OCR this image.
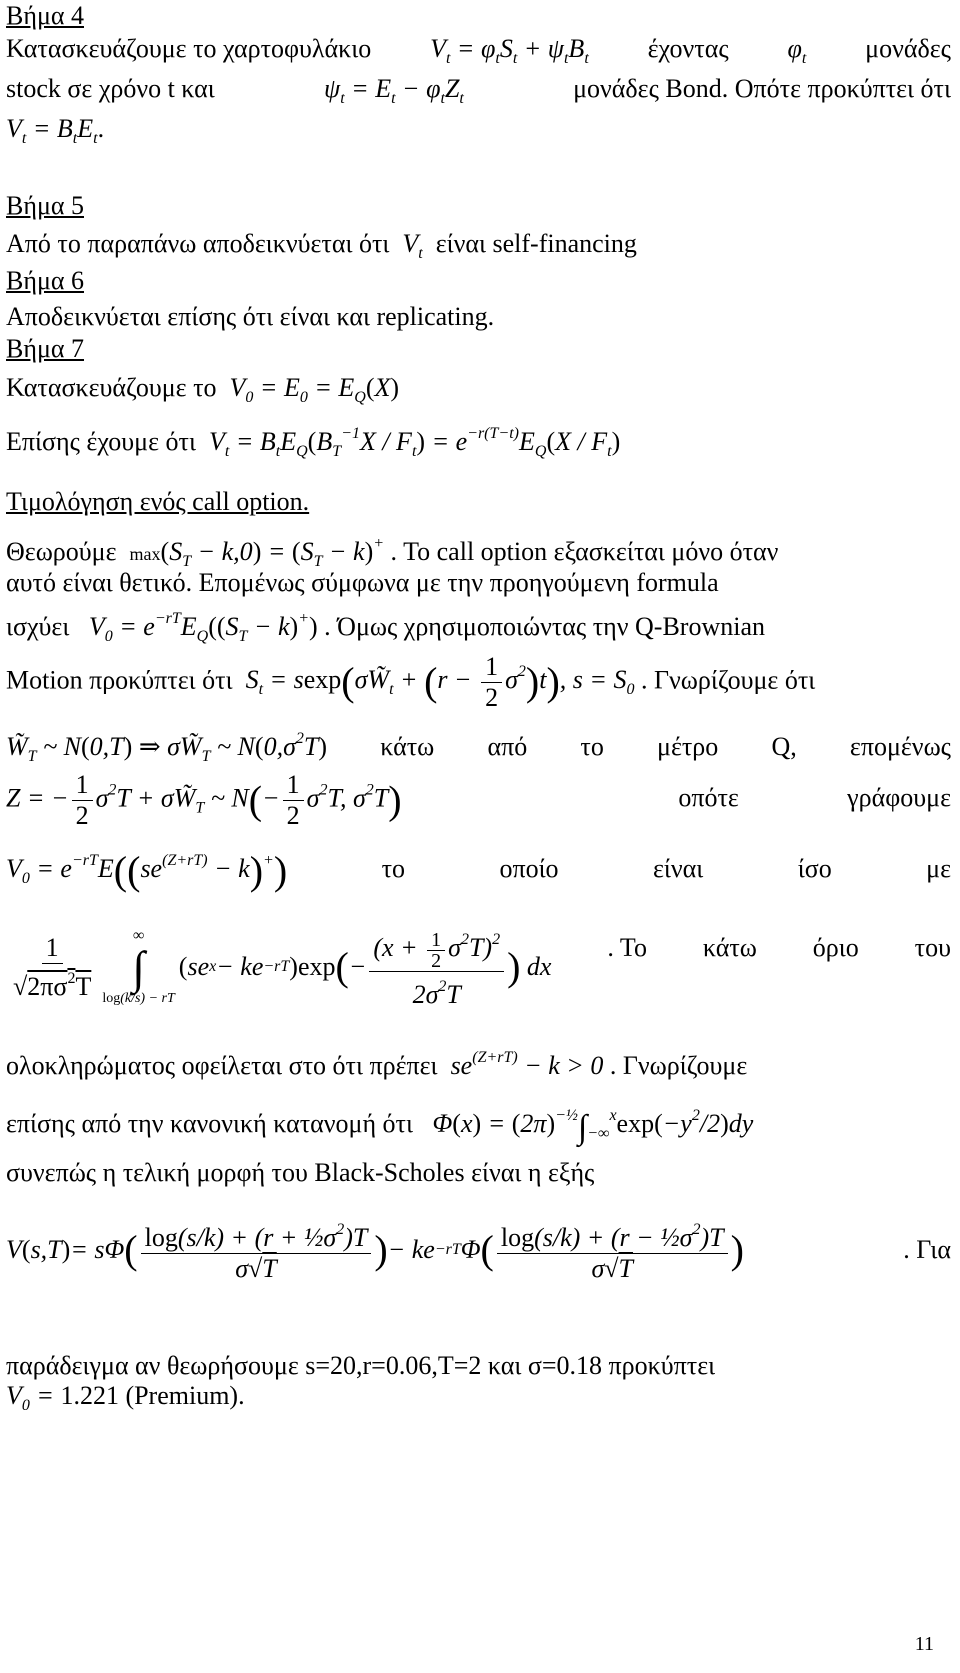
Βήμα 4
Κατασκευάζουμε το χαρτοφυλάκιο $V_t = \varphi_tS_t + \psi_tB_t$ έχοντας $\varphi_t$ μονάδες
stock σε χρόνο t και	$\psi_t = E_t - \varphi_tZ_t$	μονάδες Bond. Οπότε προκύπτει ότι
$V_t = B_tE_t$.
Βήμα 5
Από το παραπάνω αποδεικνύεται ότι  $V_t$ είναι self-financing
Βήμα 6
Αποδεικνύεται επίσης ότι είναι και replicating.
Βήμα 7
Κατασκευάζουμε το  $V_0 = E_0 = E_Q(X)$
Επίσης έχουμε ότι  $V_t = B_tE_Q(B_T^{-1}X / F_t) = e^{-r(T-t)}E_Q(X / F_t)$
Τιμολόγηση ενός call option.
Θεωρούμε $\max(S_T - k,0) = (S_T - k)^+$ . To call option εξασκείται μόνο όταν
αυτό είναι θετικό. Επομένως σύμφωνα με την προηγούμενη formula
ισχύει   $V_0 = e^{-rT}E_Q((S_T - k)^+)$ . Όμως χρησιμοποιώντας την Q-Brownian
Motion προκύπτει ότι  $S_t$ = $sexp(\sigma W̃_t + (r - \frac{1}{2} \sigma^2)t)$, $s = S_0$ . Γνωρίζουμε ότι
$W̃_T$ ~ N(0,T) ⇒ $\sigma W̃_T$ ~ $N(0,\sigma^2T)$ κάτω από το μέτρο Q, επομένως
Z = − $\frac{1}{2} \sigma^2T$ + $\sigma W̃_T$ ~ $N(- \frac{1}{2} \sigma^2T$, $\sigma^2T$)	οπότε	γράφουμε
$V_0 = e^{-rT}E((se^{(Z+rT)} - k)^+)$	το	οποίο	είναι	ίσο	με
$\frac{1}{√2\pi\sigma^2T}$ ∞
∫
log(k/s) − rT
( se x − ke −rT ) exp ( − $\frac{(x + \frac{1}{2} \sigma^2T)^2}{2\sigma^2T}$ ) dx
. Το κάτω όριο του
ολοκληρώματος οφείλεται στο ότι πρέπει  $se^{(Z+rT)} - k > 0$ . Γνωρίζουμε
επίσης από την κανονική κατανομή ότι   $\Phi(x) = (2\pi)^{-\frac{1}{2}}\int_{-\infty}^x\exp(-y^2/2)dy$
συνεπώς η τελική μορφή του Black-Scholes είναι η εξής
V ( s,T ) = sΦ ( $\frac{\log(s/k) + (r + \frac{1}{2}\sigma^2)T}{\sigma√T}$ ) − ke −rT Φ ( $\frac{\log(s/k) + (r - \frac{1}{2}\sigma^2)T}{\sigma√T}$ )	. Για
παράδειγμα αν θεωρήσουμε s=20,r=0.06,T=2 και σ=0.18 προκύπτει
$V_0 = 1.221$ (Premium).
11
